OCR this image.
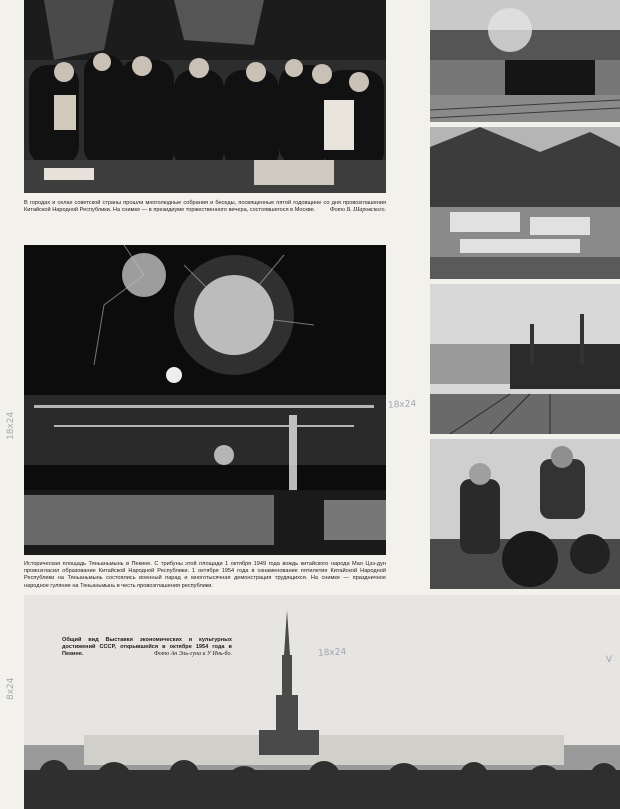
В городах и селах советской страны прошли многолюдные собрания и беседы, посвященные пятой годовщине со дня провозглашения Китайской Народной Республики. На снимке — в президиуме торжественного вечера, состоявшегося в Москве. Фото В. Шаровского.
Историческая площадь Тяньаньмынь в Пекине. С трибуны этой площади 1 октября 1949 года вождь китайского народа Мао Цзэ-дун провозгласил образование Китайской Народной Республики. 1 октября 1954 года в ознаменование пятилетия Китайской Народной Республики на Тяньаньмынь состоялись военный парад и многотысячная демонстрация трудящихся. На снимке — праздничное народное гуляние на Тяньаньмынь в честь провозглашения республики.
Общий вид Выставки экономических и культурных достижений СССР, открывшейся в октябре 1954 года в Пекине.	Фото Ан Эль-гуна и У Инь-бо.
18х24
18х24
18х24
8х24
V
